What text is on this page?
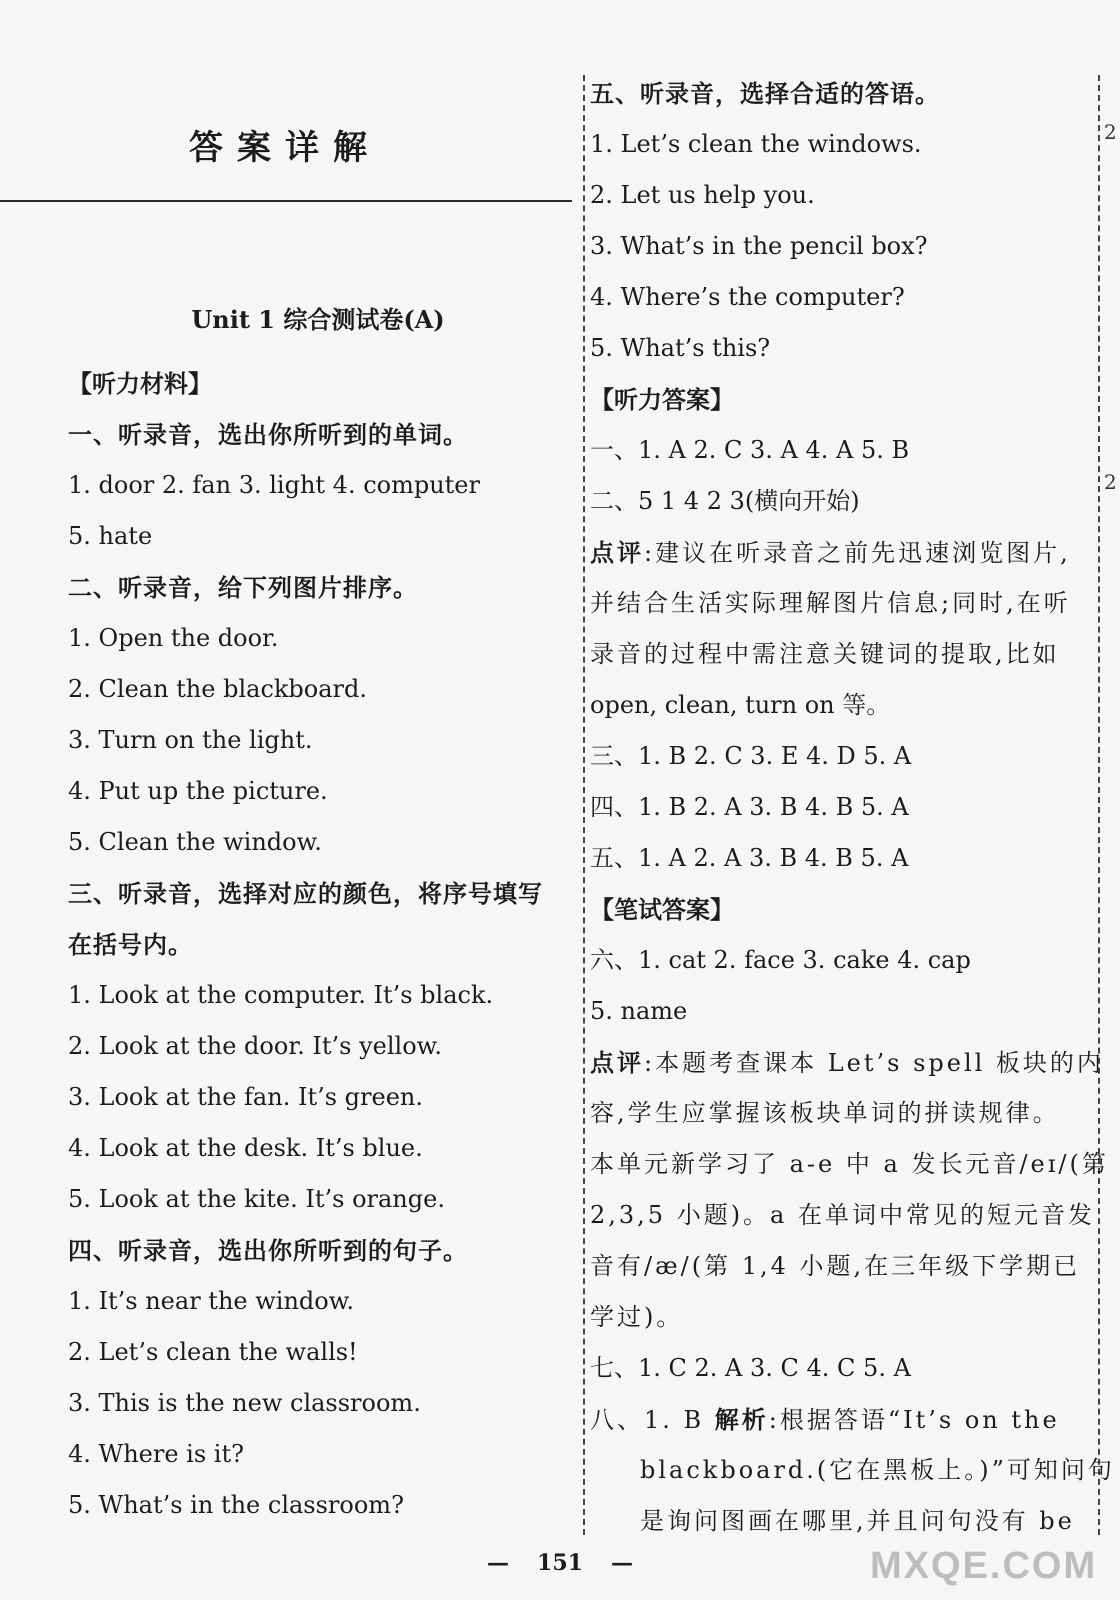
答案详解	2
2
Unit 1 综合测试卷(A)
【听力材料】
一、听录音，选出你所听到的单词。
1. door 2. fan 3. light 4. computer
5. hate
二、听录音，给下列图片排序。
1. Open the door.
2. Clean the blackboard.
3. Turn on the light.
4. Put up the picture.
5. Clean the window.
三、听录音，选择对应的颜色，将序号填写
在括号内。
1. Look at the computer. It’s black.
2. Look at the door. It’s yellow.
3. Look at the fan. It’s green.
4. Look at the desk. It’s blue.
5. Look at the kite. It’s orange.
四、听录音，选出你所听到的句子。
1. It’s near the window.
2. Let’s clean the walls!
3. This is the new classroom.
4. Where is it?
5. What’s in the classroom?
五、听录音，选择合适的答语。
1. Let’s clean the windows.
2. Let us help you.
3. What’s in the pencil box?
4. Where’s the computer?
5. What’s this?
【听力答案】
一、1. A 2. C 3. A 4. A 5. B
二、5 1 4 2 3(横向开始)
点评:建议在听录音之前先迅速浏览图片,
并结合生活实际理解图片信息;同时,在听
录音的过程中需注意关键词的提取,比如
open, clean, turn on 等。
三、1. B 2. C 3. E 4. D 5. A
四、1. B 2. A 3. B 4. B 5. A
五、1. A 2. A 3. B 4. B 5. A
【笔试答案】
六、1. cat 2. face 3. cake 4. cap
5. name
点评:本题考查课本 Let’s spell 板块的内
容,学生应掌握该板块单词的拼读规律。
本单元新学习了 a-e 中 a 发长元音/eɪ/(第
2,3,5 小题)。a 在单词中常见的短元音发
音有/æ/(第 1,4 小题,在三年级下学期已
学过)。
七、1. C 2. A 3. C 4. C 5. A
八、1. B 解析:根据答语“It’s on the
blackboard.(它在黑板上。)”可知问句
是询问图画在哪里,并且问句没有 be
— 151 —	MXQE.COM
